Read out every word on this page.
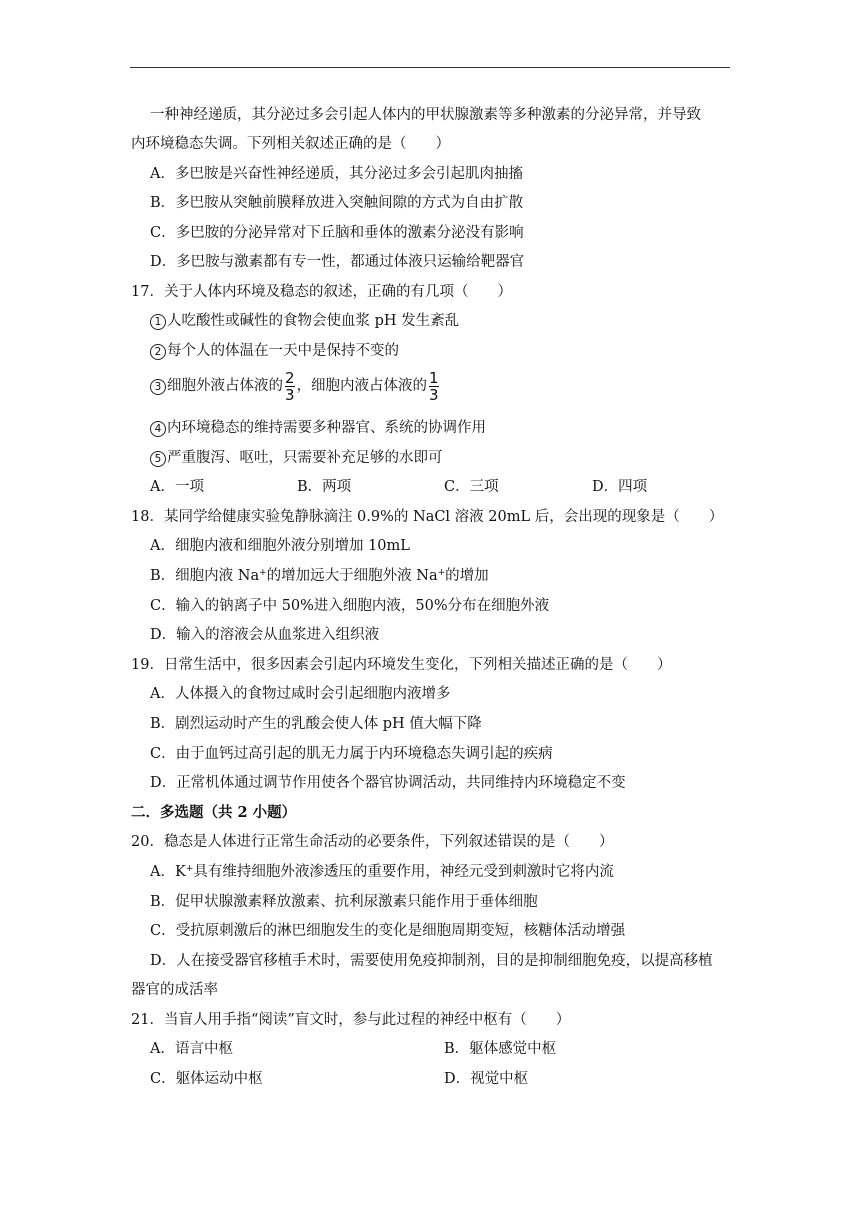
一种神经递质，其分泌过多会引起人体内的甲状腺激素等多种激素的分泌异常，并导致
内环境稳态失调。下列相关叙述正确的是（　　）
A．多巴胺是兴奋性神经递质，其分泌过多会引起肌肉抽搐
B．多巴胺从突触前膜释放进入突触间隙的方式为自由扩散
C．多巴胺的分泌异常对下丘脑和垂体的激素分泌没有影响
D．多巴胺与激素都有专一性，都通过体液只运输给靶器官
17．关于人体内环境及稳态的叙述，正确的有几项（　　）
1 人吃酸性或碱性的食物会使血浆 pH 发生紊乱
2 每个人的体温在一天中是保持不变的
3 细胞外液占体液的 $\frac{2}{3}$ ，细胞内液占体液的 $\frac{1}{3}$
4 内环境稳态的维持需要多种器官、系统的协调作用
5 严重腹泻、呕吐，只需要补充足够的水即可
A．一项	B．两项	C．三项	D．四项
18．某同学给健康实验兔静脉滴注 0.9%的 NaCl 溶液 20mL 后，会出现的现象是（　　）
A．细胞内液和细胞外液分别增加 10mL
B．细胞内液 Na+的增加远大于细胞外液 Na+的增加
C．输入的钠离子中 50%进入细胞内液，50%分布在细胞外液
D．输入的溶液会从血浆进入组织液
19．日常生活中，很多因素会引起内环境发生变化，下列相关描述正确的是（　　）
A．人体摄入的食物过咸时会引起细胞内液增多
B．剧烈运动时产生的乳酸会使人体 pH 值大幅下降
C．由于血钙过高引起的肌无力属于内环境稳态失调引起的疾病
D．正常机体通过调节作用使各个器官协调活动，共同维持内环境稳定不变
二．多选题（共 2 小题）
20．稳态是人体进行正常生命活动的必要条件，下列叙述错误的是（　　）
A．K+具有维持细胞外液渗透压的重要作用，神经元受到刺激时它将内流
B．促甲状腺激素释放激素、抗利尿激素只能作用于垂体细胞
C．受抗原刺激后的淋巴细胞发生的变化是细胞周期变短，核糖体活动增强
D．人在接受器官移植手术时，需要使用免疫抑制剂，目的是抑制细胞免疫，以提高移植
器官的成活率
21．当盲人用手指“阅读”盲文时，参与此过程的神经中枢有（　　）
A．语言中枢	B．躯体感觉中枢
C．躯体运动中枢	D．视觉中枢
